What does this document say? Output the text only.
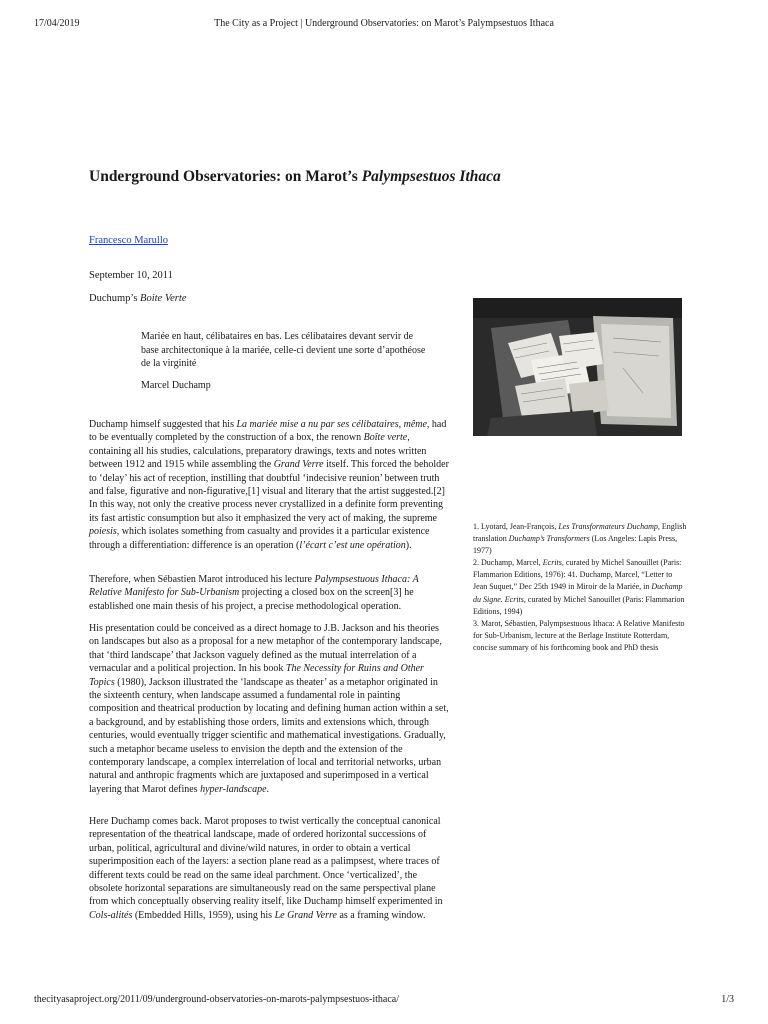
17/04/2019	The City as a Project | Underground Observatories: on Marot’s Palympsestuos Ithaca
Underground Observatories: on Marot’s Palympsestuos Ithaca
Francesco Marullo
September 10, 2011
Duchump’s Boite Verte
Mariée en haut, célibataires en bas. Les célibataires devant servir de base architectonique à la mariée, celle-ci devient une sorte d’apothéose de la virginité
Marcel Duchamp

Duchamp himself suggested that his La mariée mise a nu par ses célibataires, même, had to be eventually completed by the construction of a box, the renown Boîte verte, containing all his studies, calculations, preparatory drawings, texts and notes written between 1912 and 1915 while assembling the Grand Verre itself. This forced the beholder to ‘delay’ his act of reception, instilling that doubtful ‘indecisive reunion’ between truth and false, figurative and non-figurative,[1] visual and literary that the artist suggested.[2] In this way, not only the creative process never crystallized in a definite form preventing its fast artistic consumption but also it emphasized the very act of making, the supreme poiesis, which isolates something from casualty and provides it a particular existence through a differentiation: difference is an operation (l’écart c’est une opération).

Therefore, when Sébastien Marot introduced his lecture Palympsestuous Ithaca: A Relative Manifesto for Sub-Urbanism projecting a closed box on the screen[3] he established one main thesis of his project, a precise methodological operation.

His presentation could be conceived as a direct homage to J.B. Jackson and his theories on landscapes but also as a proposal for a new metaphor of the contemporary landscape, that ‘third landscape’ that Jackson vaguely defined as the mutual interrelation of a vernacular and a political projection. In his book The Necessity for Ruins and Other Topics (1980), Jackson illustrated the ‘landscape as theater’ as a metaphor originated in the sixteenth century, when landscape assumed a fundamental role in painting composition and theatrical production by locating and defining human action within a set, a background, and by establishing those orders, limits and extensions which, through centuries, would eventually trigger scientific and mathematical investigations. Gradually, such a metaphor became useless to envision the depth and the extension of the contemporary landscape, a complex interrelation of local and territorial networks, urban natural and anthropic fragments which are juxtaposed and superimposed in a vertical layering that Marot defines hyper-landscape.

Here Duchamp comes back. Marot proposes to twist vertically the conceptual canonical representation of the theatrical landscape, made of ordered horizontal successions of urban, political, agricultural and divine/wild natures, in order to obtain a vertical superimposition each of the layers: a section plane read as a palimpsest, where traces of different texts could be read on the same ideal parchment. Once ‘verticalized’, the obsolete horizontal separations are simultaneously read on the same perspectival plane from which conceptually observing reality itself, like Duchamp himself experimented in Cols-alités (Embedded Hills, 1959), using his Le Grand Verre as a framing window.

1. Lyotard, Jean-François, Les Transformateurs Duchamp, English translation Duchamp’s Transformers (Los Angeles: Lapis Press, 1977)
2. Duchamp, Marcel, Ecrits, curated by Michel Sanouillet (Paris: Flammarion Editions, 1976): 41. Duchamp, Marcel, “Letter to Jean Suquet,” Dec 25th 1949 in Miroir de la Mariée, in Duchamp du Signe. Ecrits, curated by Michel Sanouillet (Paris: Flammarion Editions, 1994)
3. Marot, Sébastien, Palympsestuous Ithaca: A Relative Manifesto for Sub-Urbanism, lecture at the Berlage Institute Rotterdam, concise summary of his forthcoming book and PhD thesis
thecityasaproject.org/2011/09/underground-observatories-on-marots-palympsestuos-ithaca/	1/3
